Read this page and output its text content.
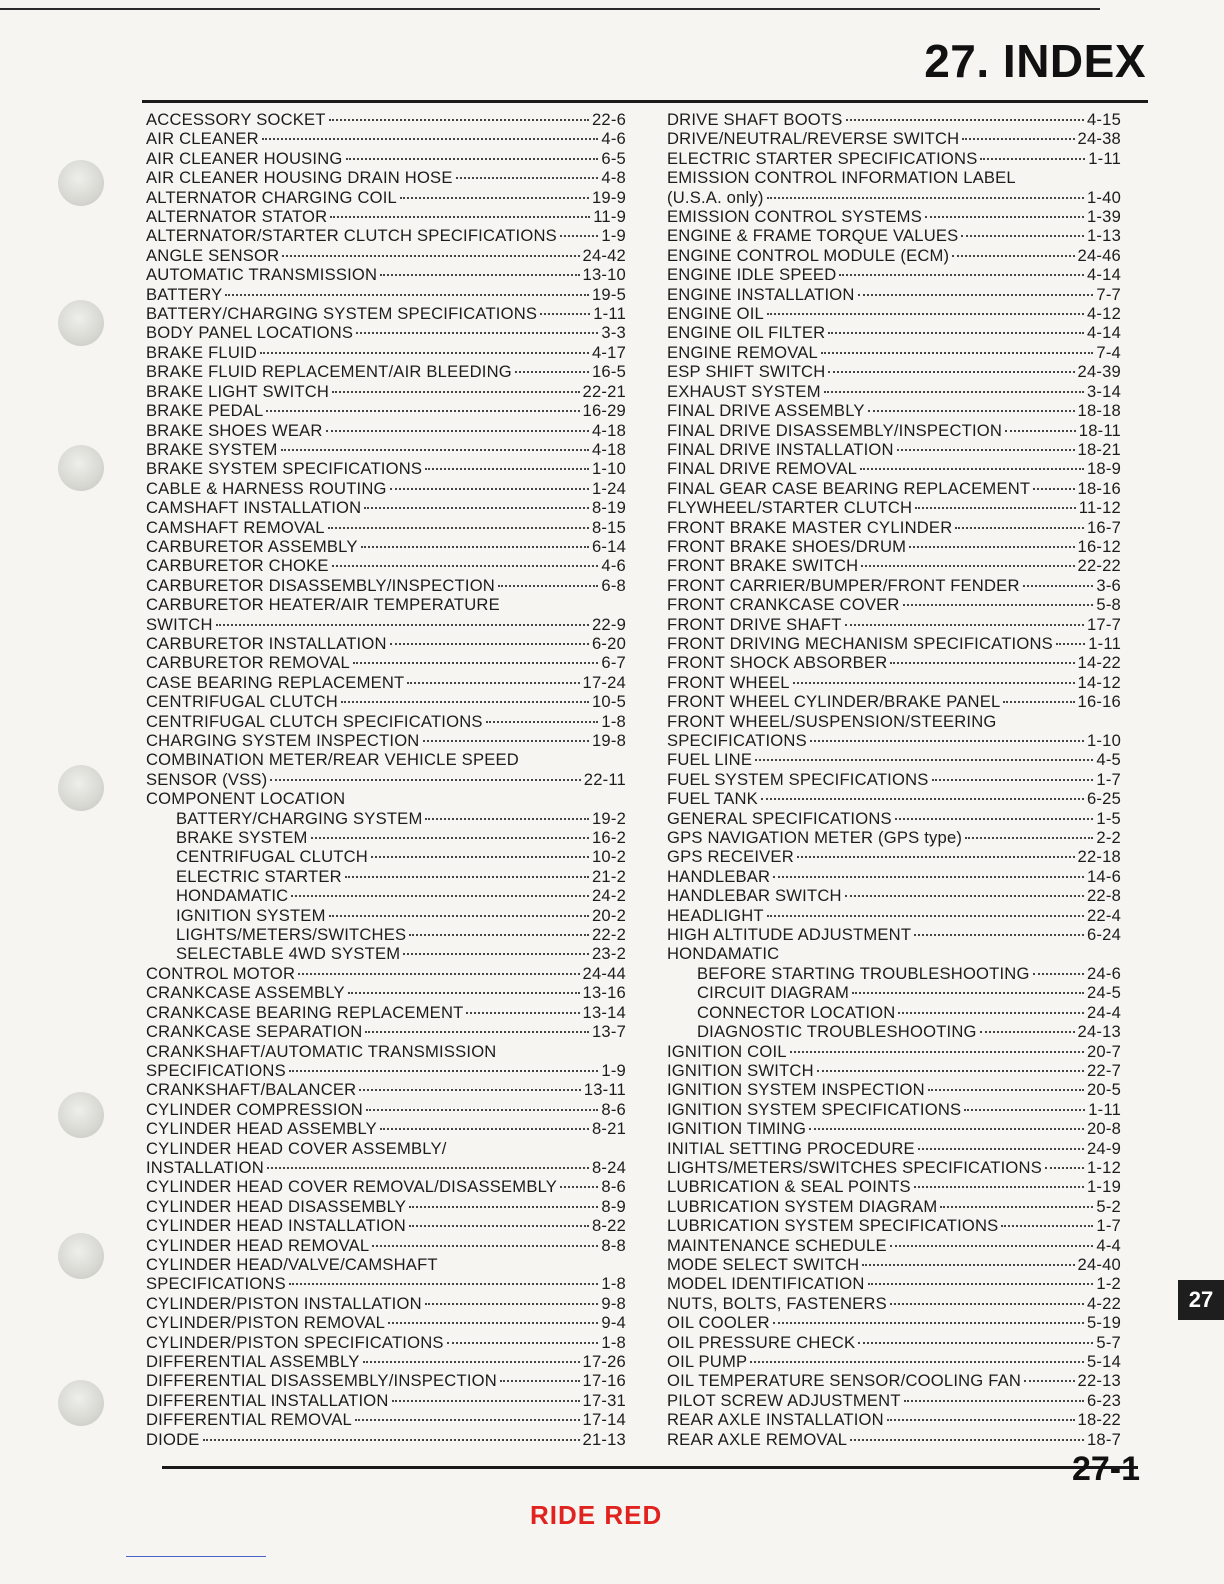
27. INDEX
ACCESSORY SOCKET	22-6
AIR CLEANER	4-6
AIR CLEANER HOUSING	6-5
AIR CLEANER HOUSING DRAIN HOSE	4-8
ALTERNATOR CHARGING COIL	19-9
ALTERNATOR STATOR	11-9
ALTERNATOR/STARTER CLUTCH SPECIFICATIONS	1-9
ANGLE SENSOR	24-42
AUTOMATIC TRANSMISSION	13-10
BATTERY	19-5
BATTERY/CHARGING SYSTEM SPECIFICATIONS	1-11
BODY PANEL LOCATIONS	3-3
BRAKE FLUID	4-17
BRAKE FLUID REPLACEMENT/AIR BLEEDING	16-5
BRAKE LIGHT SWITCH	22-21
BRAKE PEDAL	16-29
BRAKE SHOES WEAR	4-18
BRAKE SYSTEM	4-18
BRAKE SYSTEM SPECIFICATIONS	1-10
CABLE & HARNESS ROUTING	1-24
CAMSHAFT INSTALLATION	8-19
CAMSHAFT REMOVAL	8-15
CARBURETOR ASSEMBLY	6-14
CARBURETOR CHOKE	4-6
CARBURETOR DISASSEMBLY/INSPECTION	6-8
CARBURETOR HEATER/AIR TEMPERATURE
SWITCH	22-9
CARBURETOR INSTALLATION	6-20
CARBURETOR REMOVAL	6-7
CASE BEARING REPLACEMENT	17-24
CENTRIFUGAL CLUTCH	10-5
CENTRIFUGAL CLUTCH SPECIFICATIONS	1-8
CHARGING SYSTEM INSPECTION	19-8
COMBINATION METER/REAR VEHICLE SPEED
SENSOR (VSS)	22-11
COMPONENT LOCATION
BATTERY/CHARGING SYSTEM	19-2
BRAKE SYSTEM	16-2
CENTRIFUGAL CLUTCH	10-2
ELECTRIC STARTER	21-2
HONDAMATIC	24-2
IGNITION SYSTEM	20-2
LIGHTS/METERS/SWITCHES	22-2
SELECTABLE 4WD SYSTEM	23-2
CONTROL MOTOR	24-44
CRANKCASE ASSEMBLY	13-16
CRANKCASE BEARING REPLACEMENT	13-14
CRANKCASE SEPARATION	13-7
CRANKSHAFT/AUTOMATIC TRANSMISSION
SPECIFICATIONS	1-9
CRANKSHAFT/BALANCER	13-11
CYLINDER COMPRESSION	8-6
CYLINDER HEAD ASSEMBLY	8-21
CYLINDER HEAD COVER ASSEMBLY/
INSTALLATION	8-24
CYLINDER HEAD COVER REMOVAL/DISASSEMBLY	8-6
CYLINDER HEAD DISASSEMBLY	8-9
CYLINDER HEAD INSTALLATION	8-22
CYLINDER HEAD REMOVAL	8-8
CYLINDER HEAD/VALVE/CAMSHAFT
SPECIFICATIONS	1-8
CYLINDER/PISTON INSTALLATION	9-8
CYLINDER/PISTON REMOVAL	9-4
CYLINDER/PISTON SPECIFICATIONS	1-8
DIFFERENTIAL ASSEMBLY	17-26
DIFFERENTIAL DISASSEMBLY/INSPECTION	17-16
DIFFERENTIAL INSTALLATION	17-31
DIFFERENTIAL REMOVAL	17-14
DIODE	21-13
DRIVE SHAFT BOOTS	4-15
DRIVE/NEUTRAL/REVERSE SWITCH	24-38
ELECTRIC STARTER SPECIFICATIONS	1-11
EMISSION CONTROL INFORMATION LABEL
(U.S.A. only)	1-40
EMISSION CONTROL SYSTEMS	1-39
ENGINE & FRAME TORQUE VALUES	1-13
ENGINE CONTROL MODULE (ECM)	24-46
ENGINE IDLE SPEED	4-14
ENGINE INSTALLATION	7-7
ENGINE OIL	4-12
ENGINE OIL FILTER	4-14
ENGINE REMOVAL	7-4
ESP SHIFT SWITCH	24-39
EXHAUST SYSTEM	3-14
FINAL DRIVE ASSEMBLY	18-18
FINAL DRIVE DISASSEMBLY/INSPECTION	18-11
FINAL DRIVE INSTALLATION	18-21
FINAL DRIVE REMOVAL	18-9
FINAL GEAR CASE BEARING REPLACEMENT	18-16
FLYWHEEL/STARTER CLUTCH	11-12
FRONT BRAKE MASTER CYLINDER	16-7
FRONT BRAKE SHOES/DRUM	16-12
FRONT BRAKE SWITCH	22-22
FRONT CARRIER/BUMPER/FRONT FENDER	3-6
FRONT CRANKCASE COVER	5-8
FRONT DRIVE SHAFT	17-7
FRONT DRIVING MECHANISM SPECIFICATIONS 1-11
FRONT SHOCK ABSORBER	14-22
FRONT WHEEL	14-12
FRONT WHEEL CYLINDER/BRAKE PANEL	16-16
FRONT WHEEL/SUSPENSION/STEERING
SPECIFICATIONS	1-10
FUEL LINE	4-5
FUEL SYSTEM SPECIFICATIONS	1-7
FUEL TANK	6-25
GENERAL SPECIFICATIONS	1-5
GPS NAVIGATION METER (GPS type)	2-2
GPS RECEIVER	22-18
HANDLEBAR	14-6
HANDLEBAR SWITCH	22-8
HEADLIGHT	22-4
HIGH ALTITUDE ADJUSTMENT	6-24
HONDAMATIC
BEFORE STARTING TROUBLESHOOTING	24-6
CIRCUIT DIAGRAM	24-5
CONNECTOR LOCATION	24-4
DIAGNOSTIC TROUBLESHOOTING	24-13
IGNITION COIL	20-7
IGNITION SWITCH	22-7
IGNITION SYSTEM INSPECTION	20-5
IGNITION SYSTEM SPECIFICATIONS	1-11
IGNITION TIMING	20-8
INITIAL SETTING PROCEDURE	24-9
LIGHTS/METERS/SWITCHES SPECIFICATIONS	1-12
LUBRICATION & SEAL POINTS	1-19
LUBRICATION SYSTEM DIAGRAM	5-2
LUBRICATION SYSTEM SPECIFICATIONS	1-7
MAINTENANCE SCHEDULE	4-4
MODE SELECT SWITCH	24-40
MODEL IDENTIFICATION	1-2
NUTS, BOLTS, FASTENERS	4-22
OIL COOLER	5-19
OIL PRESSURE CHECK	5-7
OIL PUMP	5-14
OIL TEMPERATURE SENSOR/COOLING FAN	22-13
PILOT SCREW ADJUSTMENT	6-23
REAR AXLE INSTALLATION	18-22
REAR AXLE REMOVAL	18-7
27
27-1
RIDE RED
